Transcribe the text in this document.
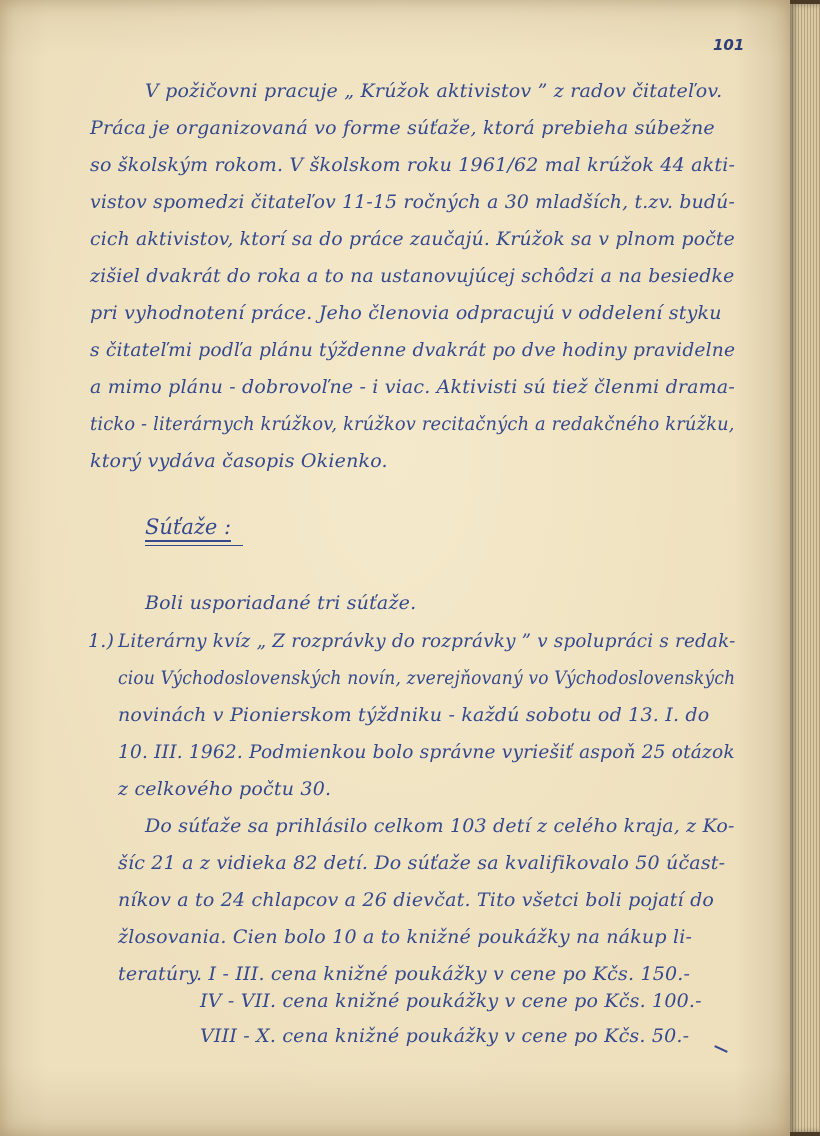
101
V požičovni pracuje „ Krúžok aktivistov ” z radov čitateľov.
Práca je organizovaná vo forme súťaže, ktorá prebieha súbežne
so školským rokom. V školskom roku 1961/62 mal krúžok 44 akti-
vistov spomedzi čitateľov 11-15 ročných a 30 mladších, t.zv. budú-
cich aktivistov, ktorí sa do práce zaučajú. Krúžok sa v plnom počte
zišiel dvakrát do roka a to na ustanovujúcej schôdzi a na besiedke
pri vyhodnotení práce. Jeho členovia odpracujú v oddelení styku
s čitateľmi podľa plánu týždenne dvakrát po dve hodiny pravidelne
a mimo plánu - dobrovoľne - i viac. Aktivisti sú tiež členmi drama-
ticko - literárnych krúžkov, krúžkov recitačných a redakčného krúžku,
ktorý vydáva časopis Okienko.
Súťaže :
Boli usporiadané tri súťaže.
1.) Literárny kvíz „ Z rozprávky do rozprávky ” v spolupráci s redak-
ciou Východoslovenských novín, zverejňovaný vo Východoslovenských
novinách v Pionierskom týždniku - každú sobotu od 13. I. do
10. III. 1962. Podmienkou bolo správne vyriešiť aspoň 25 otázok
z celkového počtu 30.
Do súťaže sa prihlásilo celkom 103 detí z celého kraja, z Ko-
šíc 21 a z vidieka 82 detí. Do súťaže sa kvalifikovalo 50 účast-
níkov a to 24 chlapcov a 26 dievčat. Tito všetci boli pojatí do
žlosovania. Cien bolo 10 a to knižné poukážky na nákup li-
teratúry. I - III. cena knižné poukážky v cene po Kčs. 150.-
IV - VII. cena knižné poukážky v cene po Kčs. 100.-
VIII - X. cena knižné poukážky v cene po Kčs. 50.-
